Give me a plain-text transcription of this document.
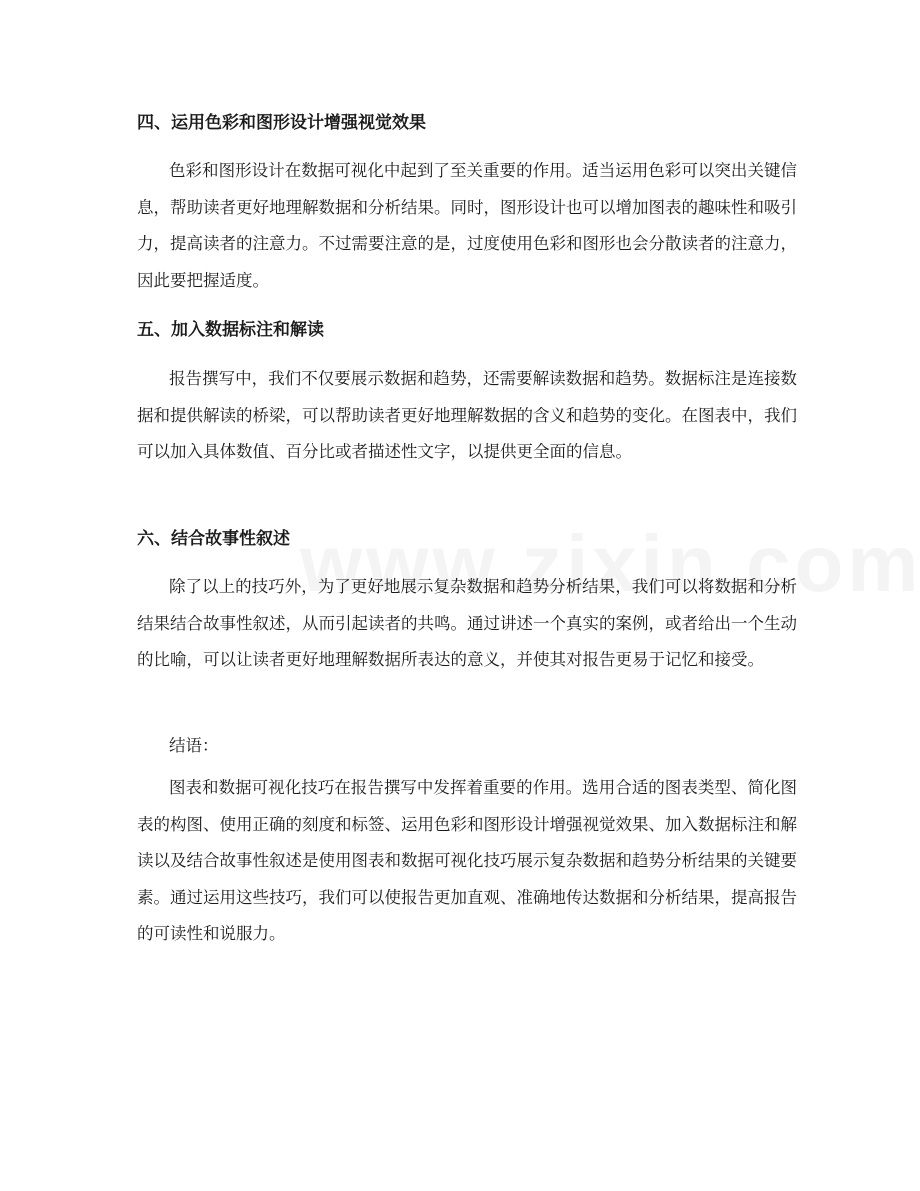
四、运用色彩和图形设计增强视觉效果

色彩和图形设计在数据可视化中起到了至关重要的作用。适当运用色彩可以突出关键信息，帮助读者更好地理解数据和分析结果。同时，图形设计也可以增加图表的趣味性和吸引力，提高读者的注意力。不过需要注意的是，过度使用色彩和图形也会分散读者的注意力，因此要把握适度。

五、加入数据标注和解读

报告撰写中，我们不仅要展示数据和趋势，还需要解读数据和趋势。数据标注是连接数据和提供解读的桥梁，可以帮助读者更好地理解数据的含义和趋势的变化。在图表中，我们可以加入具体数值、百分比或者描述性文字，以提供更全面的信息。

六、结合故事性叙述

除了以上的技巧外，为了更好地展示复杂数据和趋势分析结果，我们可以将数据和分析结果结合故事性叙述，从而引起读者的共鸣。通过讲述一个真实的案例，或者给出一个生动的比喻，可以让读者更好地理解数据所表达的意义，并使其对报告更易于记忆和接受。

结语：

图表和数据可视化技巧在报告撰写中发挥着重要的作用。选用合适的图表类型、简化图表的构图、使用正确的刻度和标签、运用色彩和图形设计增强视觉效果、加入数据标注和解读以及结合故事性叙述是使用图表和数据可视化技巧展示复杂数据和趋势分析结果的关键要素。通过运用这些技巧，我们可以使报告更加直观、准确地传达数据和分析结果，提高报告的可读性和说服力。
